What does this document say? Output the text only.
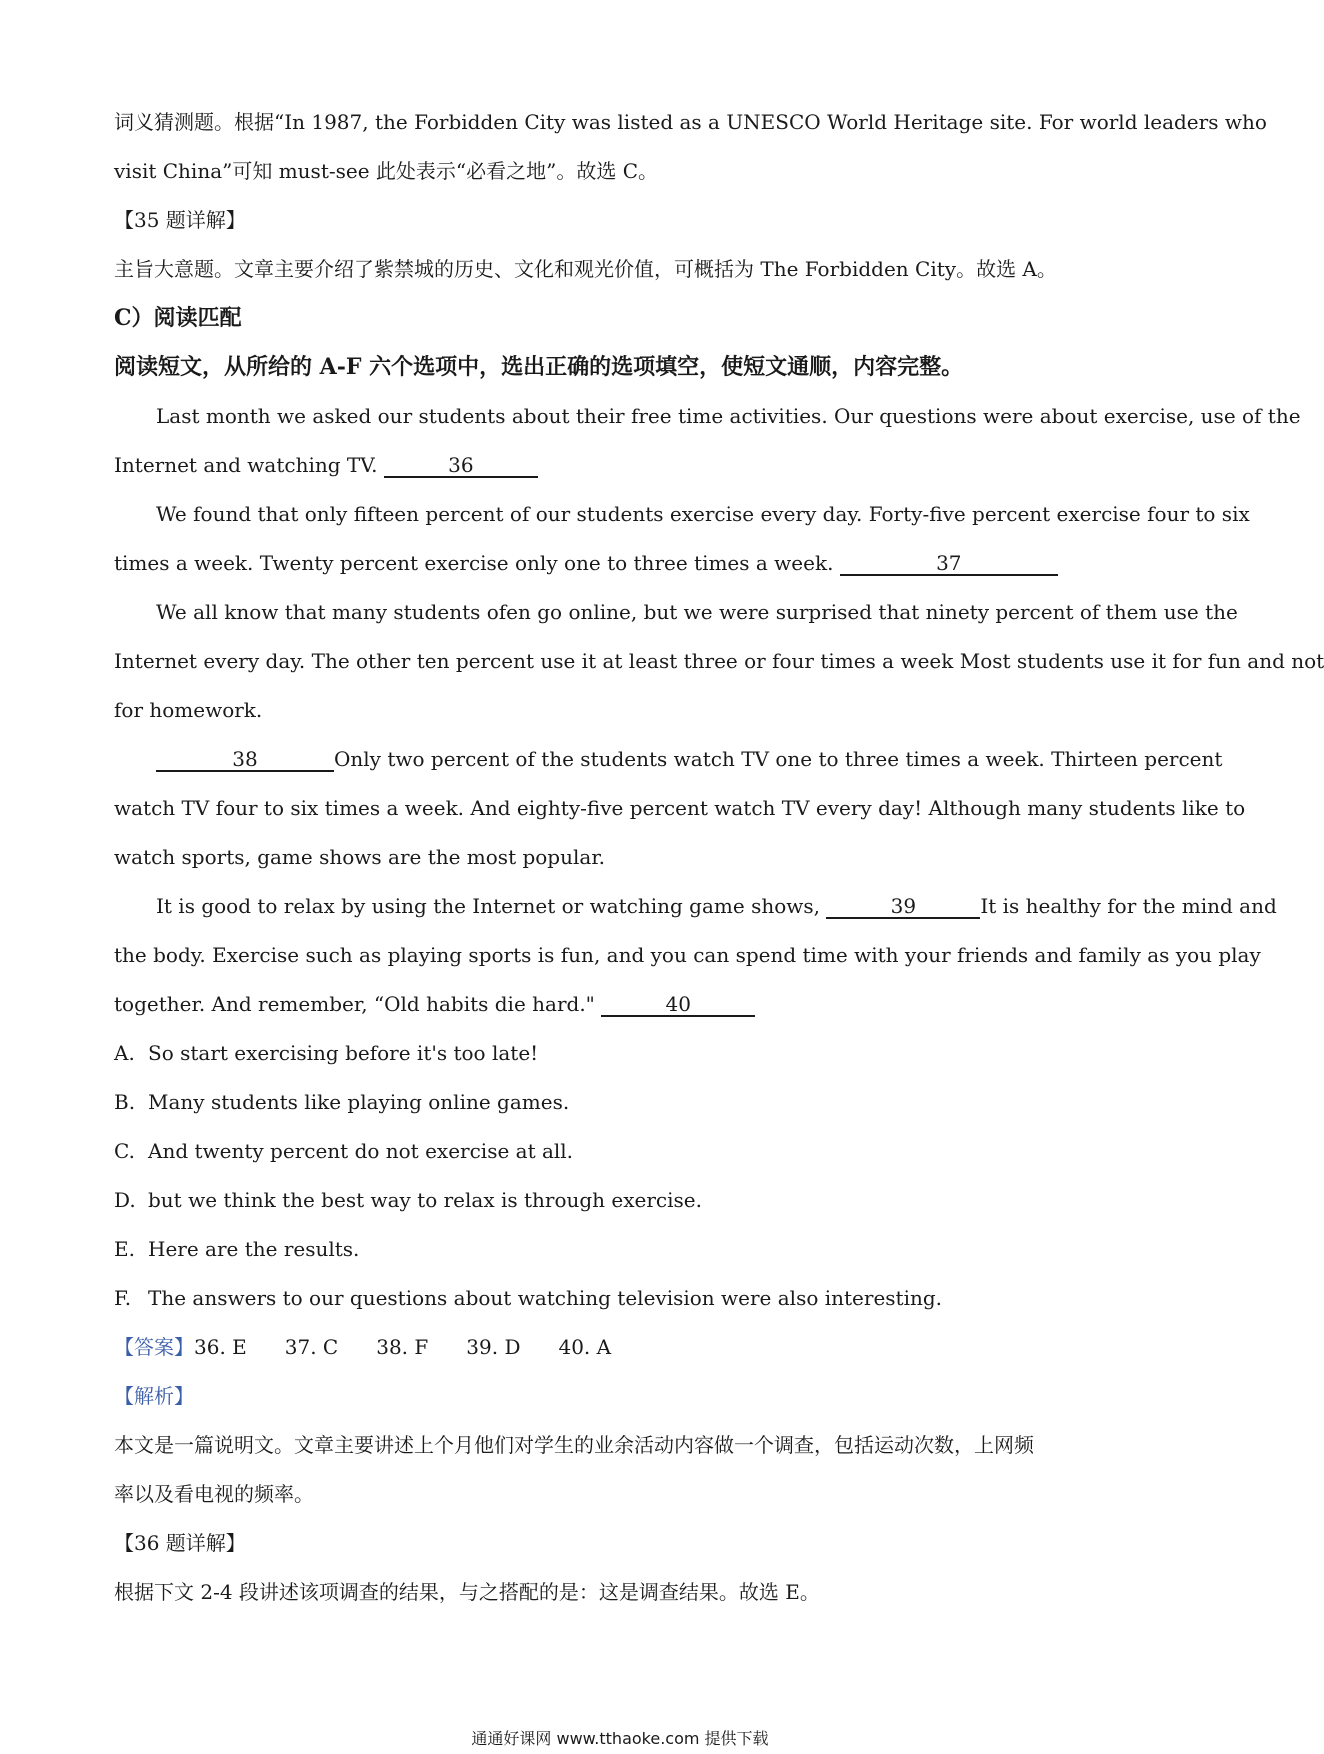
词义猜测题。根据“In 1987, the Forbidden City was listed as a UNESCO World Heritage site. For world leaders who
visit China”可知 must-see 此处表示“必看之地”。故选 C。
【35 题详解】
主旨大意题。文章主要介绍了紫禁城的历史、文化和观光价值，可概括为 The Forbidden City。故选 A。
C）阅读匹配
阅读短文，从所给的 A-F 六个选项中，选出正确的选项填空，使短文通顺，内容完整。
Last month we asked our students about their free time activities. Our questions were about exercise, use of the
Internet and watching TV.	36
We found that only fifteen percent of our students exercise every day. Forty-five percent exercise four to six
times a week. Twenty percent exercise only one to three times a week.	37
We all know that many students ofen go online, but we were surprised that ninety percent of them use the
Internet every day. The other ten percent use it at least three or four times a week Most students use it for fun and not
for homework.
38	Only two percent of the students watch TV one to three times a week. Thirteen percent
watch TV four to six times a week. And eighty-five percent watch TV every day! Although many students like to
watch sports, game shows are the most popular.
It is good to relax by using the Internet or watching game shows,	39	It is healthy for the mind and
the body. Exercise such as playing sports is fun, and you can spend time with your friends and family as you play
together. And remember, “Old habits die hard."	40
A. So start exercising before it's too late!
B. Many students like playing online games.
C. And twenty percent do not exercise at all.
D. but we think the best way to relax is through exercise.
E. Here are the results.
F. The answers to our questions about watching television were also interesting.
【答案】36. E 37. C 38. F 39. D 40. A
【解析】
本文是一篇说明文。文章主要讲述上个月他们对学生的业余活动内容做一个调查，包括运动次数，上网频
率以及看电视的频率。
【36 题详解】
根据下文 2-4 段讲述该项调查的结果，与之搭配的是：这是调查结果。故选 E。
通通好课网 www.tthaoke.com 提供下载
